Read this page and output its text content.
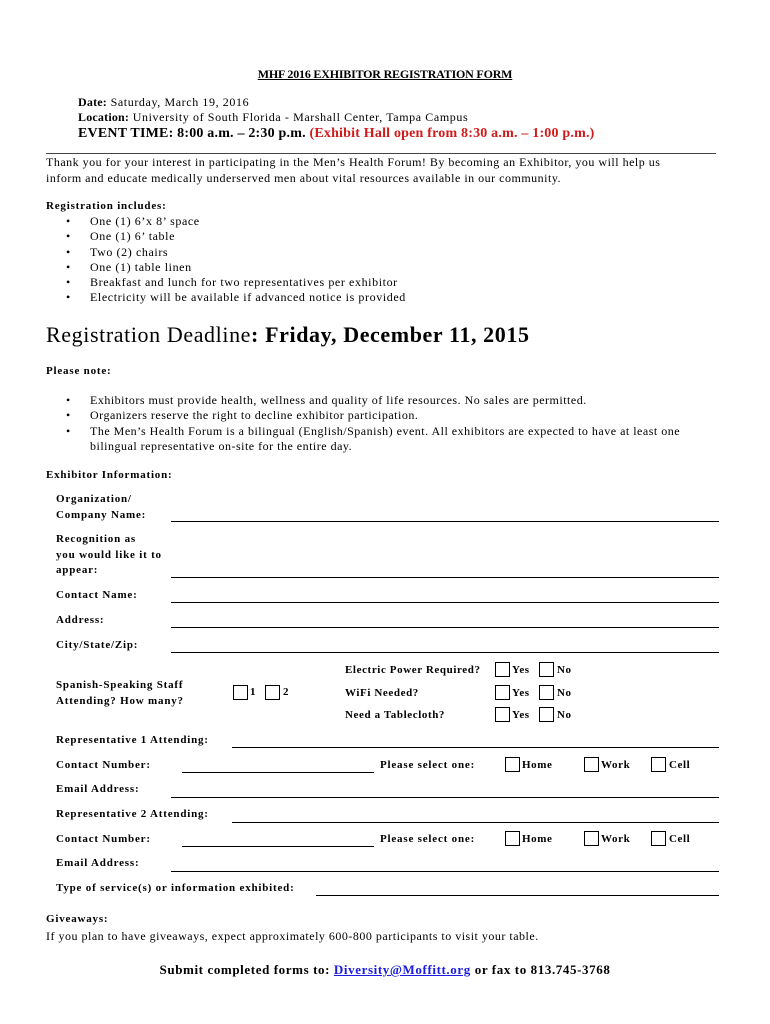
MHF 2016 EXHIBITOR REGISTRATION FORM
Date: Saturday, March 19, 2016
Location: University of South Florida - Marshall Center, Tampa Campus
EVENT TIME: 8:00 a.m. – 2:30 p.m. (Exhibit Hall open from 8:30 a.m. – 1:00 p.m.)
Thank you for your interest in participating in the Men’s Health Forum! By becoming an Exhibitor, you will help us
inform and educate medically underserved men about vital resources available in our community.
Registration includes:
• One (1) 6’x 8’ space
• One (1) 6’ table
• Two (2) chairs
• One (1) table linen
• Breakfast and lunch for two representatives per exhibitor
• Electricity will be available if advanced notice is provided
Registration Deadline: Friday, December 11, 2015
Please note:
• Exhibitors must provide health, wellness and quality of life resources. No sales are permitted.
• Organizers reserve the right to decline exhibitor participation.
• The Men’s Health Forum is a bilingual (English/Spanish) event. All exhibitors are expected to have at least one bilingual representative on-site for the entire day.
Exhibitor Information:
Organization/
Company Name:
Recognition as
you would like it to
appear:
Contact Name:
Address:
City/State/Zip:
Spanish-Speaking Staff
Attending? How many?
1 2
Electric Power Required?	Yes No
WiFi Needed?	Yes No
Need a Tablecloth?	Yes No
Representative 1 Attending:
Contact Number:	Please select one:	Home	Work	Cell
Email Address:
Representative 2 Attending:
Contact Number:	Please select one:	Home	Work	Cell
Email Address:
Type of service(s) or information exhibited:
Giveaways:
If you plan to have giveaways, expect approximately 600-800 participants to visit your table.
Submit completed forms to: Diversity@Moffitt.org or fax to 813.745-3768
